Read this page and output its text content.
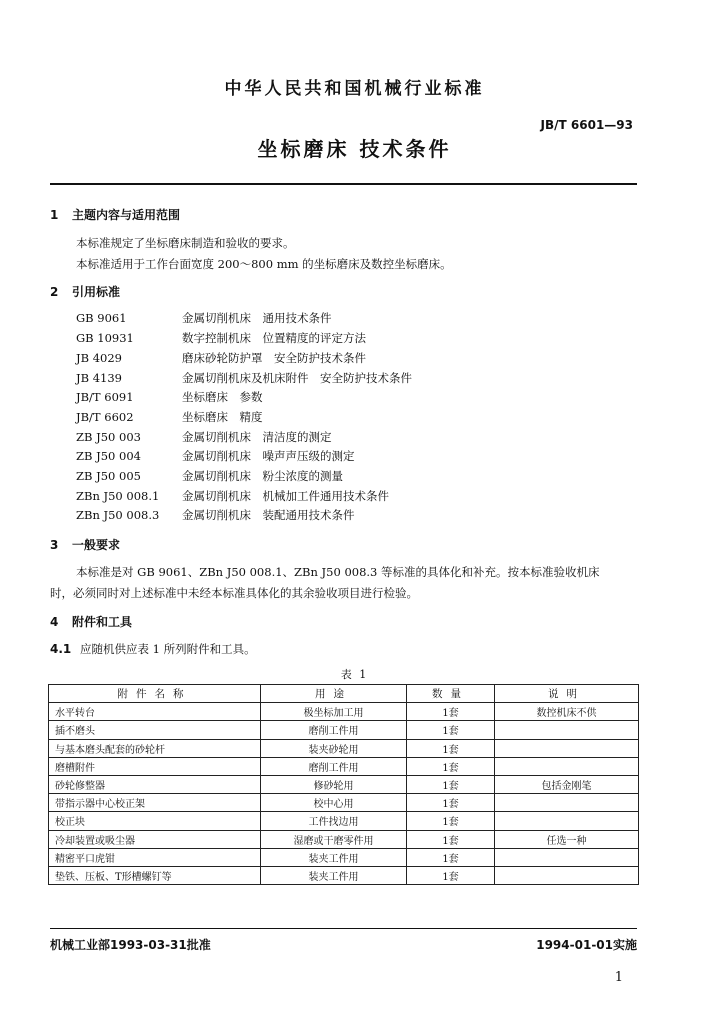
中华人民共和国机械行业标准
JB/T 6601—93
坐标磨床 技术条件
1 主题内容与适用范围
本标准规定了坐标磨床制造和验收的要求。
本标准适用于工作台面宽度 200～800 mm 的坐标磨床及数控坐标磨床。
2 引用标准
GB 9061	金属切削机床　通用技术条件
GB 10931	数字控制机床　位置精度的评定方法
JB 4029	磨床砂轮防护罩　安全防护技术条件
JB 4139	金属切削机床及机床附件　安全防护技术条件
JB/T 6091	坐标磨床　参数
JB/T 6602	坐标磨床　精度
ZB J50 003	金属切削机床　清洁度的测定
ZB J50 004	金属切削机床　噪声声压级的测定
ZB J50 005	金属切削机床　粉尘浓度的测量
ZBn J50 008.1 金属切削机床　机械加工件通用技术条件
ZBn J50 008.3 金属切削机床　装配通用技术条件
3 一般要求
本标准是对 GB 9061、ZBn J50 008.1、ZBn J50 008.3 等标准的具体化和补充。按本标准验收机床
时，必须同时对上述标准中未经本标准具体化的其余验收项目进行检验。
4 附件和工具
4.1 应随机供应表 1 所列附件和工具。
表 1
附件名称	用途	数量	说明
水平转台	极坐标加工用	1套	数控机床不供
插不磨头	磨削工件用	1套	
与基本磨头配套的砂轮杆	装夹砂轮用	1套	
磨槽附件	磨削工件用	1套	
砂轮修整器	修砂轮用	1套	包括金刚笔
带指示器中心校正架	校中心用	1套	
校正块	工件找边用	1套	
冷却装置或吸尘器	湿磨或干磨零件用	1套	任选一种
精密平口虎钳	装夹工件用	1套	
垫铁、压板、T形槽螺钉等	装夹工件用	1套	
机械工业部1993-03-31批准	1994-01-01实施
1
